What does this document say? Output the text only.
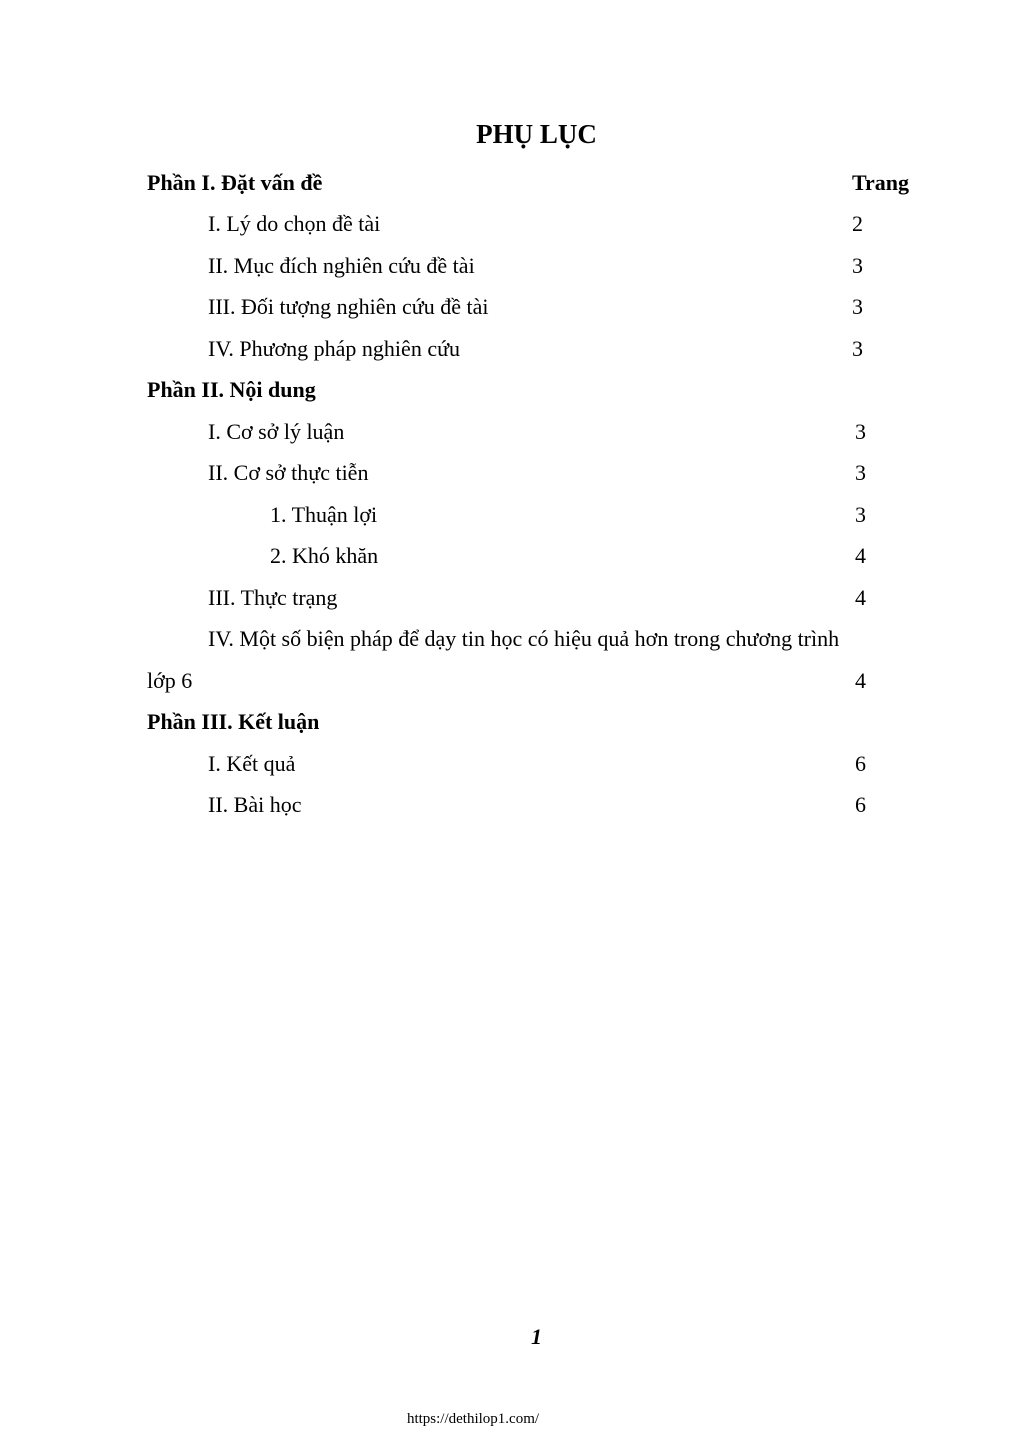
PHỤ LỤC
Phần I. Đặt vấn đề	Trang
I. Lý do chọn đề tài	2
II. Mục đích nghiên cứu đề tài	3
III. Đối tượng nghiên cứu đề tài	3
IV. Phương pháp nghiên cứu	3
Phần II. Nội dung
I. Cơ sở lý luận	3
II. Cơ sở thực tiễn	3
1. Thuận lợi	3
2. Khó khăn	4
III. Thực trạng	4
IV. Một số biện pháp để dạy tin học có hiệu quả hơn trong chương trình
lớp 6	4
Phần III. Kết luận
I. Kết quả	6
II. Bài học	6
1
https://dethilop1.com/
